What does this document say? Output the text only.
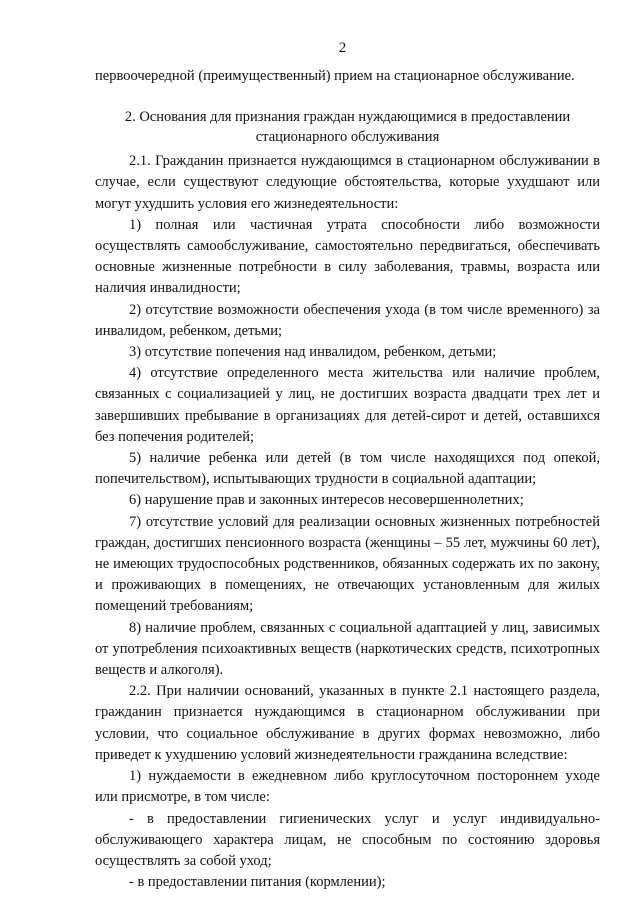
2

первоочередной (преимущественный) прием на стационарное обслуживание.

2. Основания для признания граждан нуждающимися в предоставлении
стационарного обслуживания

2.1. Гражданин признается нуждающимся в стационарном обслуживании в случае, если существуют следующие обстоятельства, которые ухудшают или могут ухудшить условия его жизнедеятельности:

1) полная или частичная утрата способности либо возможности осуществлять самообслуживание, самостоятельно передвигаться, обеспечивать основные жизненные потребности в силу заболевания, травмы, возраста или наличия инвалидности;

2) отсутствие возможности обеспечения ухода (в том числе временного) за инвалидом, ребенком, детьми;

3) отсутствие попечения над инвалидом, ребенком, детьми;

4) отсутствие определенного места жительства или наличие проблем, связанных с социализацией у лиц, не достигших возраста двадцати трех лет и завершивших пребывание в организациях для детей-сирот и детей, оставшихся без попечения родителей;

5) наличие ребенка или детей (в том числе находящихся под опекой, попечительством), испытывающих трудности в социальной адаптации;

6) нарушение прав и законных интересов несовершеннолетних;

7) отсутствие условий для реализации основных жизненных потребностей граждан, достигших пенсионного возраста (женщины – 55 лет, мужчины 60 лет), не имеющих трудоспособных родственников, обязанных содержать их по закону, и проживающих в помещениях, не отвечающих установленным для жилых помещений требованиям;

8) наличие проблем, связанных с социальной адаптацией у лиц, зависимых от употребления психоактивных веществ (наркотических средств, психотропных веществ и алкоголя).

2.2. При наличии оснований, указанных в пункте 2.1 настоящего раздела, гражданин признается нуждающимся в стационарном обслуживании при условии, что социальное обслуживание в других формах невозможно, либо приведет к ухудшению условий жизнедеятельности гражданина вследствие:

1) нуждаемости в ежедневном либо круглосуточном постороннем уходе или присмотре, в том числе:

- в предоставлении гигиенических услуг и услуг индивидуально-обслуживающего характера лицам, не способным по состоянию здоровья осуществлять за собой уход;

- в предоставлении питания (кормлении);
